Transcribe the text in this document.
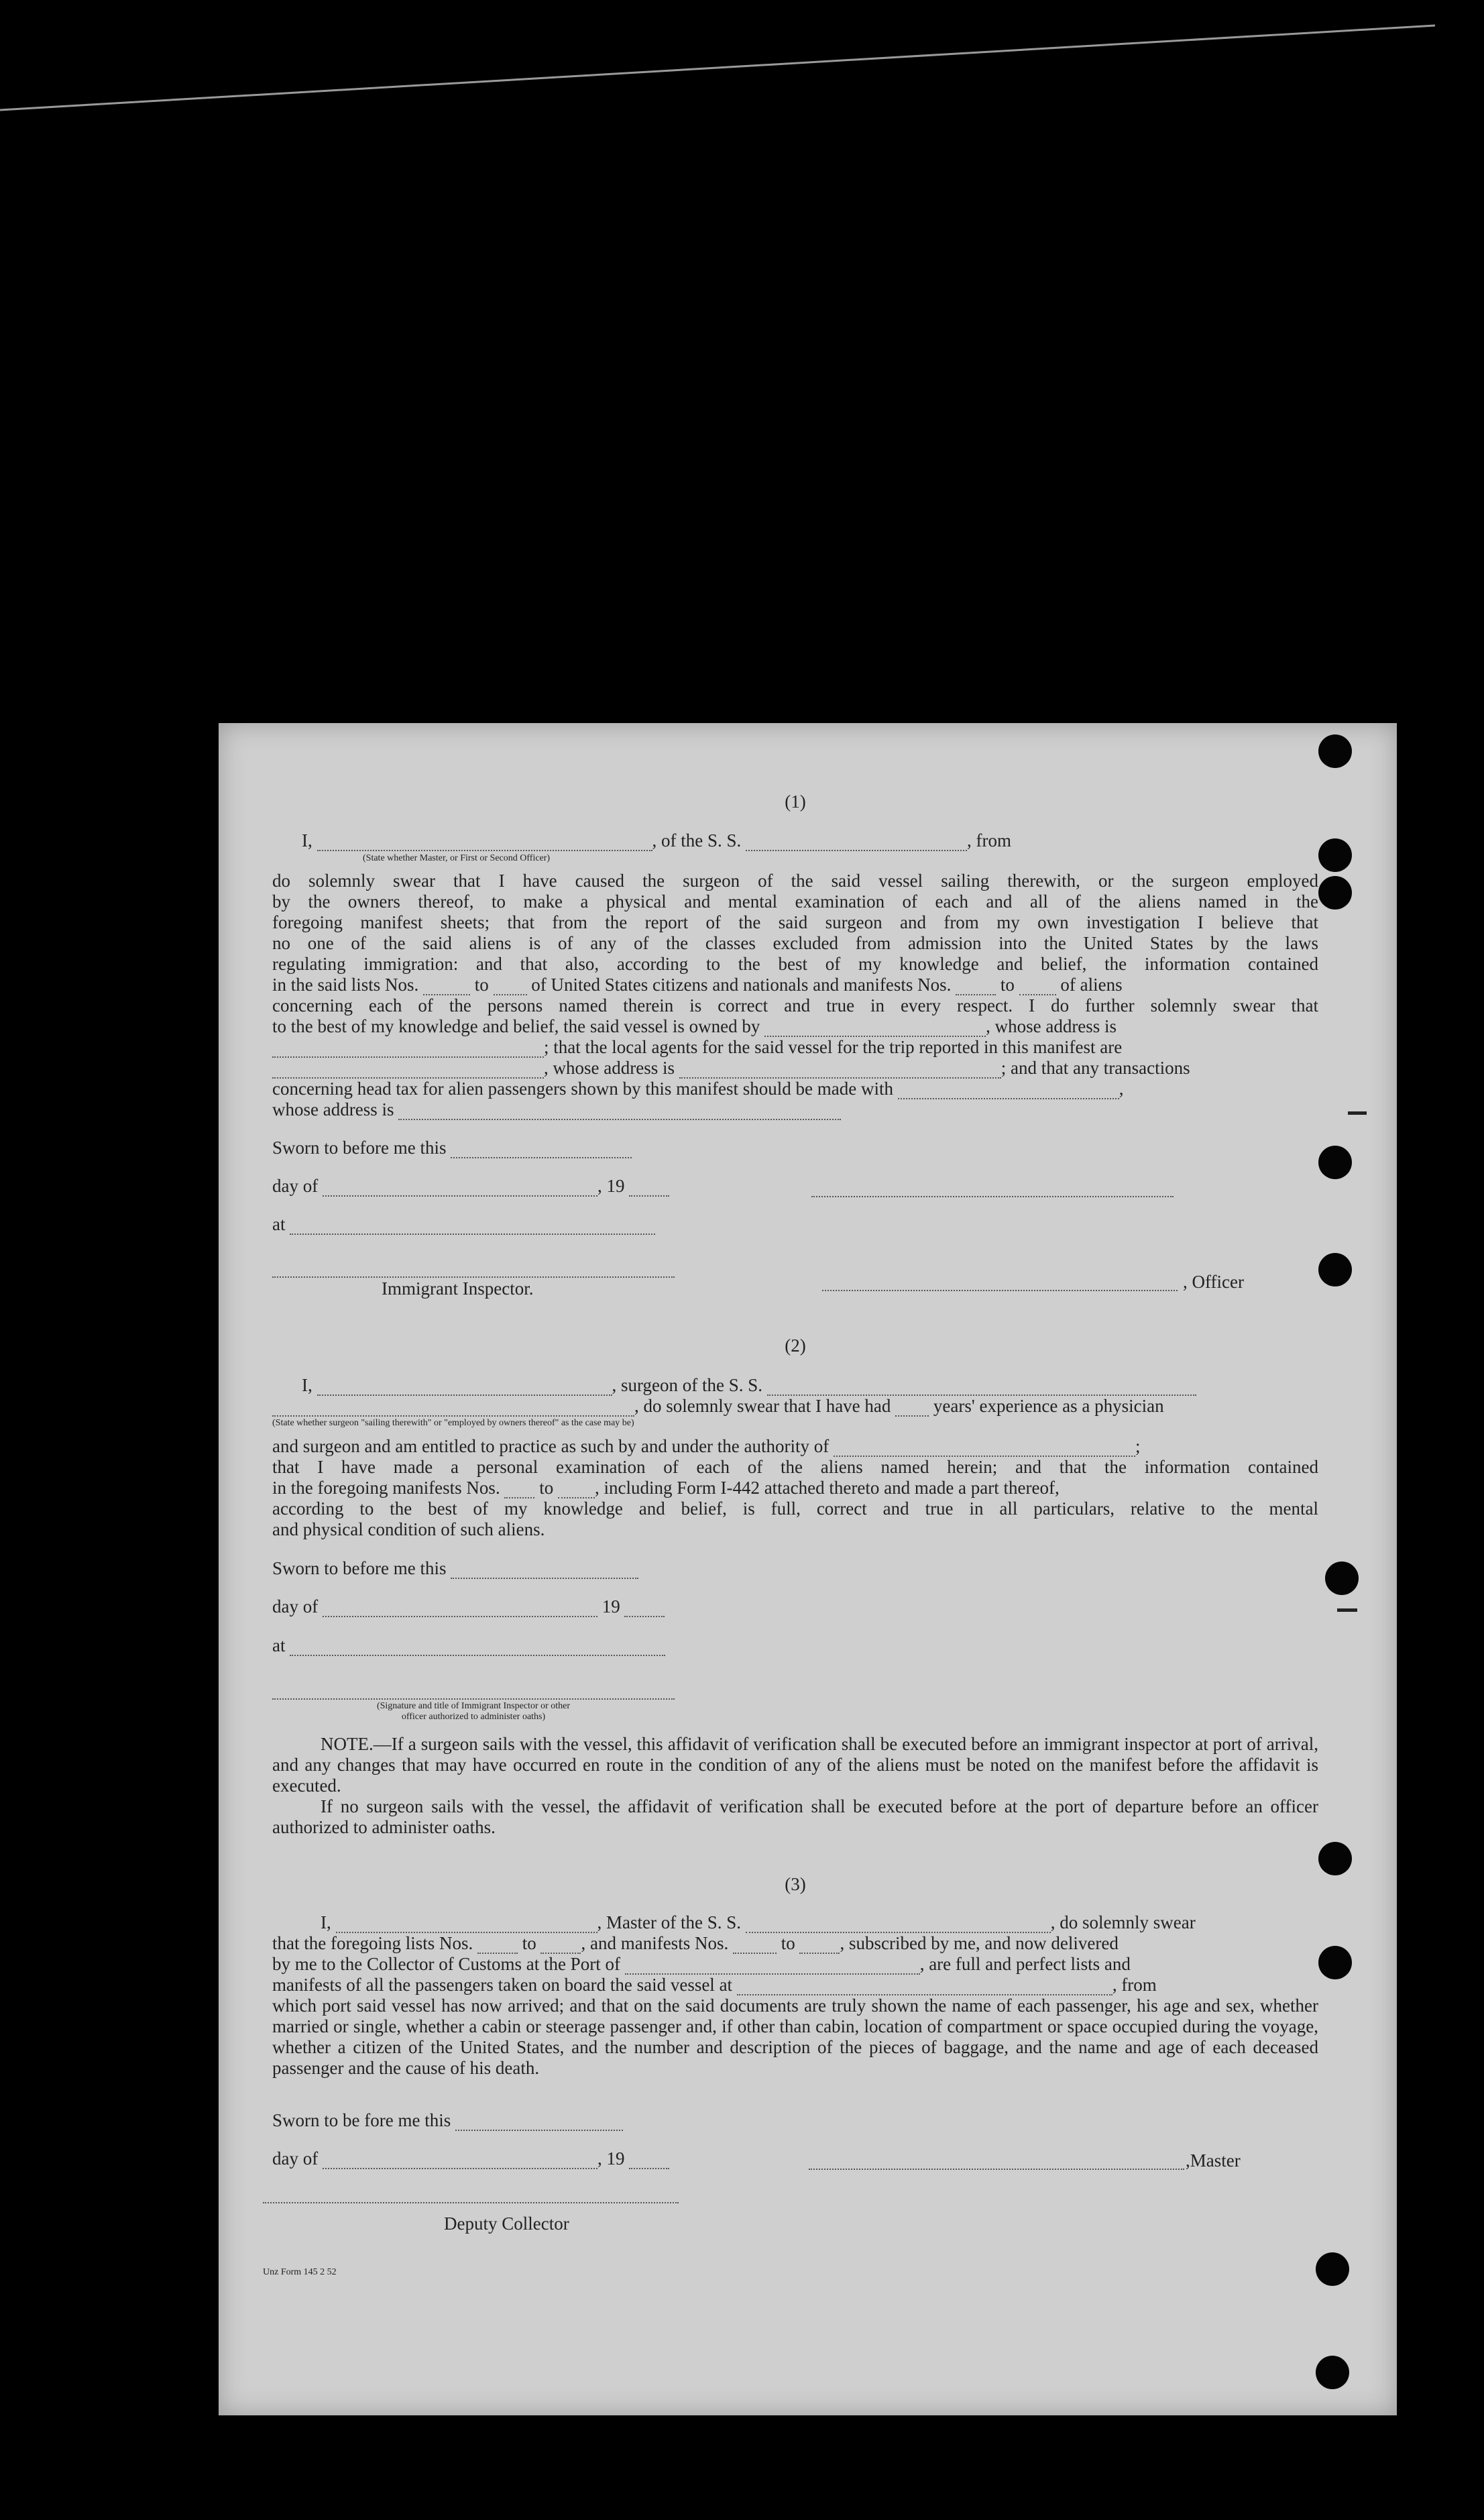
(1)
I,	, of the S. S.	, from
(State whether Master, or First or Second Officer)
do solemnly swear that I have caused the surgeon of the said vessel sailing therewith, or the surgeon employed
by the owners thereof, to make a physical and mental examination of each and all of the aliens named in the
foregoing manifest sheets; that from the report of the said surgeon and from my own investigation I believe that
no one of the said aliens is of any of the classes excluded from admission into the United States by the laws
regulating immigration: and that also, according to the best of my knowledge and belief, the information contained
in the said lists Nos.	to of United States citizens and nationals and manifests Nos.	to	of aliens
concerning each of the persons named therein is correct and true in every respect. I do further solemnly swear that
to the best of my knowledge and belief, the said vessel is owned by	, whose address is
; that the local agents for the said vessel for the trip reported in this manifest are
, whose address is	; and that any transactions
concerning head tax for alien passengers shown by this manifest should be made with	,
whose address is
Sworn to before me this
day of	, 19
at
Immigrant Inspector.	, Officer
(2)
I,	, surgeon of the S. S.
, do solemnly swear that I have had years' experience as a physician
(State whether surgeon "sailing therewith" or "employed by owners thereof" as the case may be)
and surgeon and am entitled to practice as such by and under the authority of	;
that I have made a personal examination of each of the aliens named herein; and that the information contained
in the foregoing manifests Nos. to , including Form I-442 attached thereto and made a part thereof,
according to the best of my knowledge and belief, is full, correct and true in all particulars, relative to the mental
and physical condition of such aliens.
Sworn to before me this
day of	19
at
(Signature and title of Immigrant Inspector or other
officer authorized to administer oaths)
NOTE.—If a surgeon sails with the vessel, this affidavit of verification shall be executed before an immigrant inspector at port of arrival, and any changes that may have occurred en route in the condition of any of the aliens must be noted on the manifest before the affidavit is executed.
If no surgeon sails with the vessel, the affidavit of verification shall be executed before at the port of departure before an officer authorized to administer oaths.
(3)
I,	, Master of the S. S.	, do solemnly swear
that the foregoing lists Nos.	to , and manifests Nos.	to , subscribed by me, and now delivered
by me to the Collector of Customs at the Port of	, are full and perfect lists and
manifests of all the passengers taken on board the said vessel at	, from
which port said vessel has now arrived; and that on the said documents are truly shown the name of each passenger, his age and sex, whether married or single, whether a cabin or steerage passenger and, if other than cabin, location of compartment or space occupied during the voyage, whether a citizen of the United States, and the number and description of the pieces of baggage, and the name and age of each deceased passenger and the cause of his death.
Sworn to be fore me this
day of	, 19	,Master
Deputy Collector
Unz Form 145 2 52
